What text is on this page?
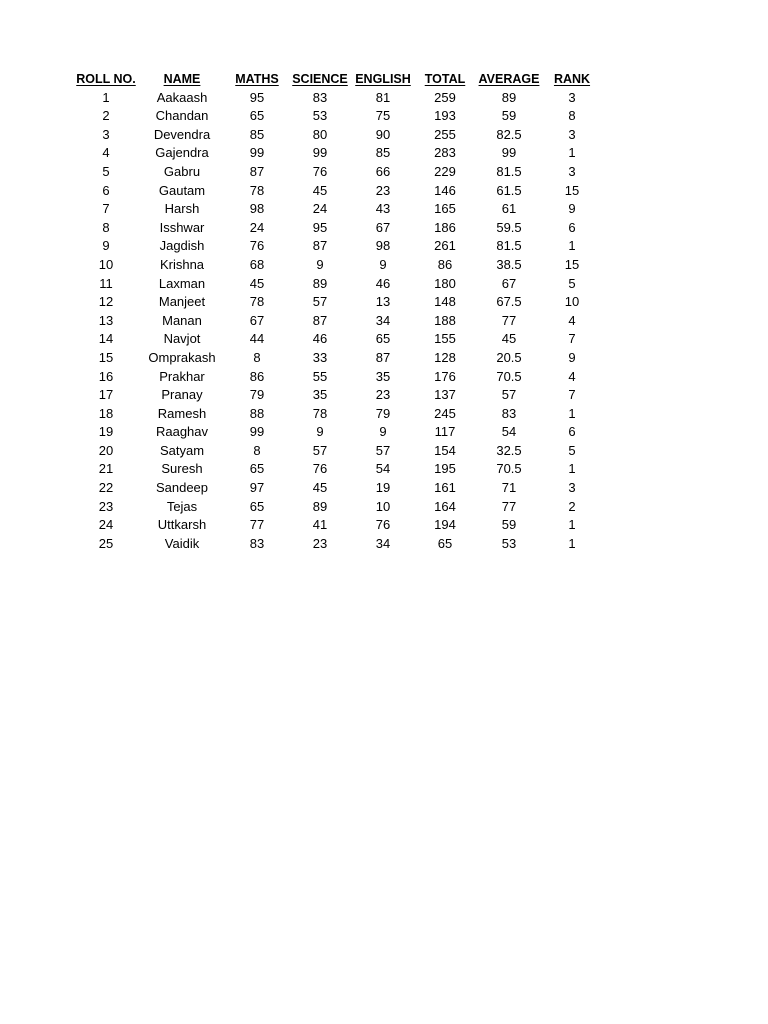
ROLL NO.	NAME	MATHS	SCIENCE	ENGLISH	TOTAL	AVERAGE	RANK
1	Aakaash	95	83	81	259	89	3
2	Chandan	65	53	75	193	59	8
3	Devendra	85	80	90	255	82.5	3
4	Gajendra	99	99	85	283	99	1
5	Gabru	87	76	66	229	81.5	3
6	Gautam	78	45	23	146	61.5	15
7	Harsh	98	24	43	165	61	9
8	Isshwar	24	95	67	186	59.5	6
9	Jagdish	76	87	98	261	81.5	1
10	Krishna	68	9	9	86	38.5	15
11	Laxman	45	89	46	180	67	5
12	Manjeet	78	57	13	148	67.5	10
13	Manan	67	87	34	188	77	4
14	Navjot	44	46	65	155	45	7
15	Omprakash	8	33	87	128	20.5	9
16	Prakhar	86	55	35	176	70.5	4
17	Pranay	79	35	23	137	57	7
18	Ramesh	88	78	79	245	83	1
19	Raaghav	99	9	9	117	54	6
20	Satyam	8	57	57	154	32.5	5
21	Suresh	65	76	54	195	70.5	1
22	Sandeep	97	45	19	161	71	3
23	Tejas	65	89	10	164	77	2
24	Uttkarsh	77	41	76	194	59	1
25	Vaidik	83	23	34	65	53	1
